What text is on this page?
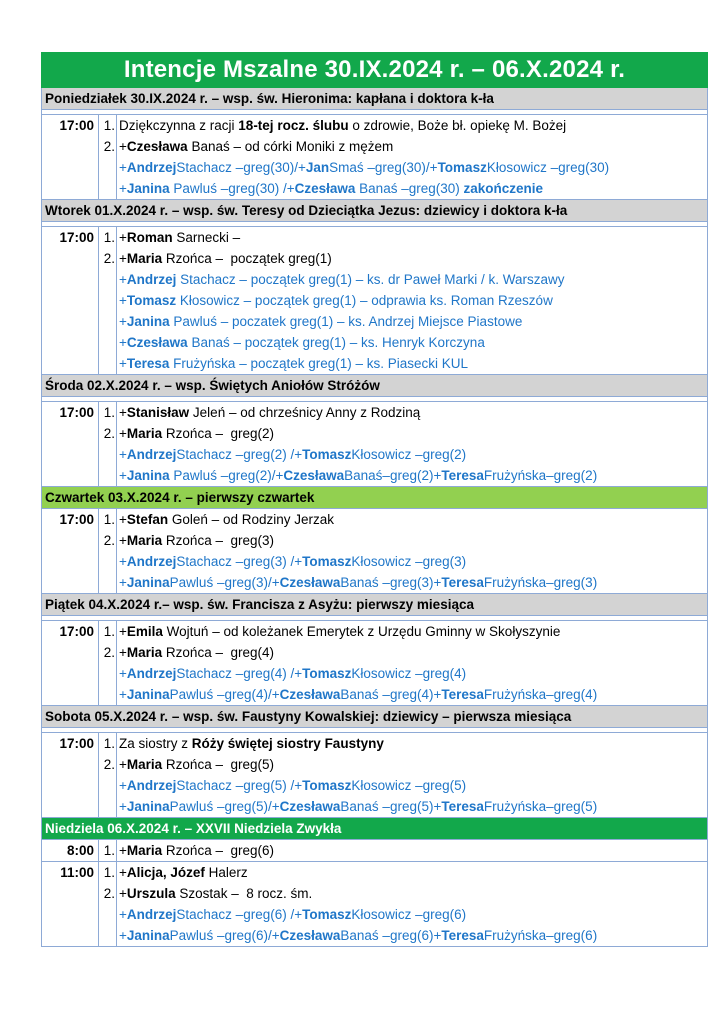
Intencje Mszalne 30.IX.2024 r. – 06.X.2024 r.
Poniedziałek 30.IX.2024 r. – wsp. św. Hieronima: kapłana i doktora k-ła
17:00 1. Dziękczynna z racji 18-tej rocz. ślubu o zdrowie, Boże bł. opiekę M. Bożej
2. +Czesława Banaś – od córki Moniki z mężem
+AndrzejStachacz –greg(30)/+JanSmaś –greg(30)/+TomaszKłosowicz –greg(30)
+Janina Pawluś –greg(30) /+Czesława Banaś –greg(30) zakończenie
Wtorek 01.X.2024 r. – wsp. św. Teresy od Dzieciątka Jezus: dziewicy i doktora k-ła
17:00 1. +Roman Sarnecki –
2. +Maria Rzońca –  początek greg(1)
+Andrzej Stachacz – początek greg(1) – ks. dr Paweł Marki / k. Warszawy
+Tomasz Kłosowicz – początek greg(1) – odprawia ks. Roman Rzeszów
+Janina Pawluś – poczatek greg(1) – ks. Andrzej Miejsce Piastowe
+Czesława Banaś – początek greg(1) – ks. Henryk Korczyna
+Teresa Frużyńska – początek greg(1) – ks. Piasecki KUL
Środa 02.X.2024 r. – wsp. Świętych Aniołów Stróżów
17:00 1. +Stanisław Jeleń – od chrześnicy Anny z Rodziną
2. +Maria Rzońca –  greg(2)
+AndrzejStachacz –greg(2) /+TomaszKłosowicz –greg(2)
+Janina Pawluś –greg(2)/+CzesławaBanaś–greg(2)+TeresaFrużyńska–greg(2)
Czwartek 03.X.2024 r. – pierwszy czwartek
17:00 1. +Stefan Goleń – od Rodziny Jerzak
2. +Maria Rzońca –  greg(3)
+AndrzejStachacz –greg(3) /+TomaszKłosowicz –greg(3)
+JaninaPawluś –greg(3)/+CzesławaBanaś –greg(3)+TeresaFrużyńska–greg(3)
Piątek 04.X.2024 r.– wsp. św. Francisza z Asyżu: pierwszy miesiąca
17:00 1. +Emila Wojtuń – od koleżanek Emerytek z Urzędu Gminny w Skołyszynie
2. +Maria Rzońca –  greg(4)
+AndrzejStachacz –greg(4) /+TomaszKłosowicz –greg(4)
+JaninaPawluś –greg(4)/+CzesławaBanaś –greg(4)+TeresaFrużyńska–greg(4)
Sobota 05.X.2024 r. – wsp. św. Faustyny Kowalskiej: dziewicy – pierwsza miesiąca
17:00 1. Za siostry z Róży świętej siostry Faustyny
2. +Maria Rzońca –  greg(5)
+AndrzejStachacz –greg(5) /+TomaszKłosowicz –greg(5)
+JaninaPawluś –greg(5)/+CzesławaBanaś –greg(5)+TeresaFrużyńska–greg(5)
Niedziela 06.X.2024 r. – XXVII Niedziela Zwykła
8:00 1. +Maria Rzońca –  greg(6)
11:00 1. +Alicja, Józef Halerz
2. +Urszula Szostak –  8 rocz. śm.
+AndrzejStachacz –greg(6) /+TomaszKłosowicz –greg(6)
+JaninaPawluś –greg(6)/+CzesławaBanaś –greg(6)+TeresaFrużyńska–greg(6)
